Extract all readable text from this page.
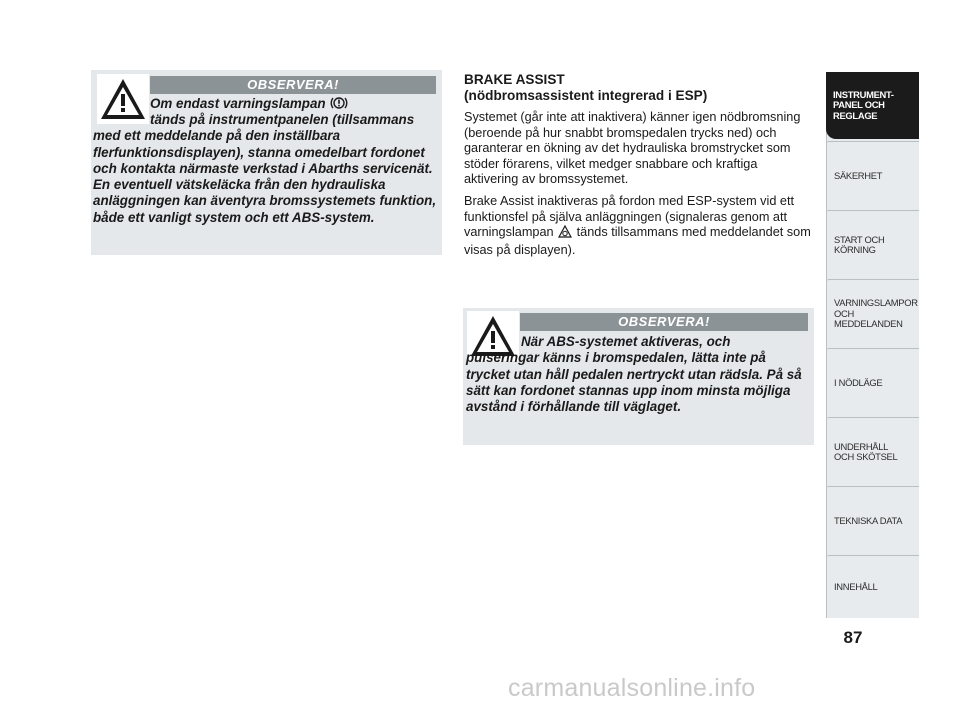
OBSERVERA!
Om endast varningslampan
tänds på instrumentpanelen (tillsammans med ett meddelande på den inställbara flerfunktionsdisplayen), stanna omedelbart fordonet och kontakta närmaste verkstad i Abarths servicenät. En eventuell vätskeläcka från den hydrauliska anläggningen kan äventyra bromssystemets funktion, både ett vanligt system och ett ABS-system.
BRAKE ASSIST
(nödbromsassistent integrerad i ESP)

Systemet (går inte att inaktivera) känner igen nödbromsning (beroende på hur snabbt bromspedalen trycks ned) och garanterar en ökning av det hydrauliska bromstrycket som stöder förarens, vilket medger snabbare och kraftiga aktivering av bromssystemet.

Brake Assist inaktiveras på fordon med ESP-system vid ett funktionsfel på själva anläggningen (signaleras genom att varningslampan tänds tillsammans med meddelandet som visas på displayen).

OBSERVERA!
När ABS-systemet aktiveras, och pulseringar känns i bromspedalen, lätta inte på trycket utan håll pedalen nertryckt utan rädsla. På så sätt kan fordonet stannas upp inom minsta möjliga avstånd i förhållande till väglaget.
INSTRUMENT-
PANEL OCH
REGLAGE
SÄKERHET
START OCH
KÖRNING
VARNINGSLAMPOR
OCH
MEDDELANDEN
I NÖDLÄGE
UNDERHÅLL
OCH SKÖTSEL
TEKNISKA DATA
INNEHÅLL
87
carmanualsonline.info
